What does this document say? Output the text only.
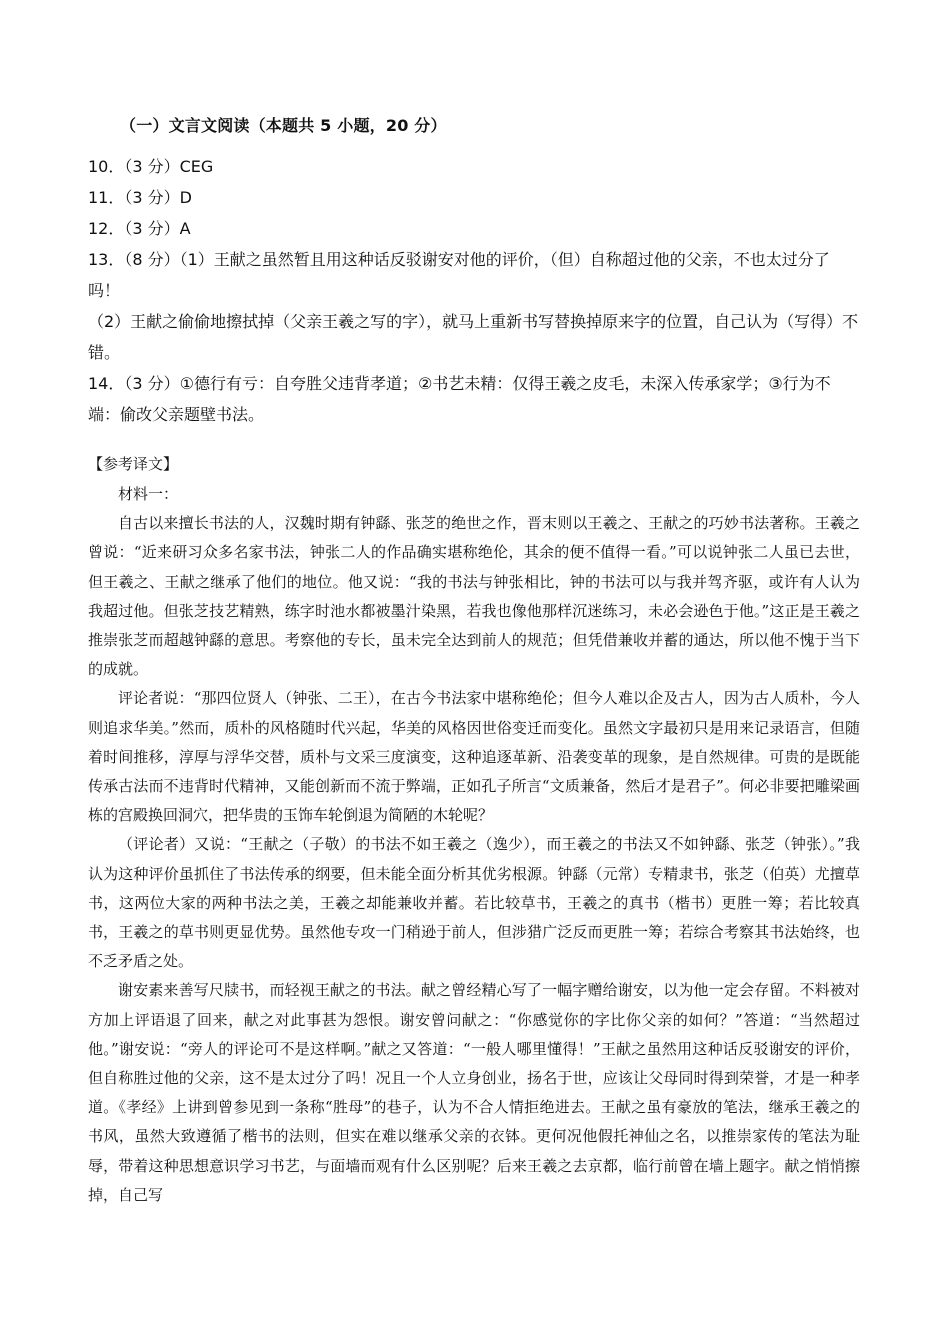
（一）文言文阅读（本题共 5 小题，20 分）

10．（3 分）CEG

11．（3 分）D

12．（3 分）A

13．（8 分）（1）王献之虽然暂且用这种话反驳谢安对他的评价，（但）自称超过他的父亲，不也太过分了吗！

（2）王献之偷偷地擦拭掉（父亲王羲之写的字），就马上重新书写替换掉原来字的位置，自己认为（写得）不错。

14．（3 分）①德行有亏：自夸胜父违背孝道；②书艺未精：仅得王羲之皮毛，未深入传承家学；③行为不端：偷改父亲题壁书法。

【参考译文】

材料一：

自古以来擅长书法的人，汉魏时期有钟繇、张芝的绝世之作，晋末则以王羲之、王献之的巧妙书法著称。王羲之曾说：“近来研习众多名家书法，钟张二人的作品确实堪称绝伦，其余的便不值得一看。”可以说钟张二人虽已去世，但王羲之、王献之继承了他们的地位。他又说：“我的书法与钟张相比，钟的书法可以与我并驾齐驱，或许有人认为我超过他。但张芝技艺精熟，练字时池水都被墨汁染黑，若我也像他那样沉迷练习，未必会逊色于他。”这正是王羲之推崇张芝而超越钟繇的意思。考察他的专长，虽未完全达到前人的规范；但凭借兼收并蓄的通达，所以他不愧于当下的成就。

评论者说：“那四位贤人（钟张、二王），在古今书法家中堪称绝伦；但今人难以企及古人，因为古人质朴，今人则追求华美。”然而，质朴的风格随时代兴起，华美的风格因世俗变迁而变化。虽然文字最初只是用来记录语言，但随着时间推移，淳厚与浮华交替，质朴与文采三度演变，这种追逐革新、沿袭变革的现象，是自然规律。可贵的是既能传承古法而不违背时代精神，又能创新而不流于弊端，正如孔子所言“文质兼备，然后才是君子”。何必非要把雕梁画栋的宫殿换回洞穴，把华贵的玉饰车轮倒退为简陋的木轮呢？

（评论者）又说：“王献之（子敬）的书法不如王羲之（逸少），而王羲之的书法又不如钟繇、张芝（钟张）。”我认为这种评价虽抓住了书法传承的纲要，但未能全面分析其优劣根源。钟繇（元常）专精隶书，张芝（伯英）尤擅草书，这两位大家的两种书法之美，王羲之却能兼收并蓄。若比较草书，王羲之的真书（楷书）更胜一筹；若比较真书，王羲之的草书则更显优势。虽然他专攻一门稍逊于前人，但涉猎广泛反而更胜一筹；若综合考察其书法始终，也不乏矛盾之处。

谢安素来善写尺牍书，而轻视王献之的书法。献之曾经精心写了一幅字赠给谢安，以为他一定会存留。不料被对方加上评语退了回来，献之对此事甚为怨恨。谢安曾问献之：“你感觉你的字比你父亲的如何？”答道：“当然超过他。”谢安说：“旁人的评论可不是这样啊。”献之又答道：“一般人哪里懂得！”王献之虽然用这种话反驳谢安的评价，但自称胜过他的父亲，这不是太过分了吗！况且一个人立身创业，扬名于世，应该让父母同时得到荣誉，才是一种孝道。《孝经》上讲到曾参见到一条称“胜母”的巷子，认为不合人情拒绝进去。王献之虽有豪放的笔法，继承王羲之的书风，虽然大致遵循了楷书的法则，但实在难以继承父亲的衣钵。更何况他假托神仙之名，以推崇家传的笔法为耻辱，带着这种思想意识学习书艺，与面墙而观有什么区别呢？后来王羲之去京都，临行前曾在墙上题字。献之悄悄擦掉，自己写
